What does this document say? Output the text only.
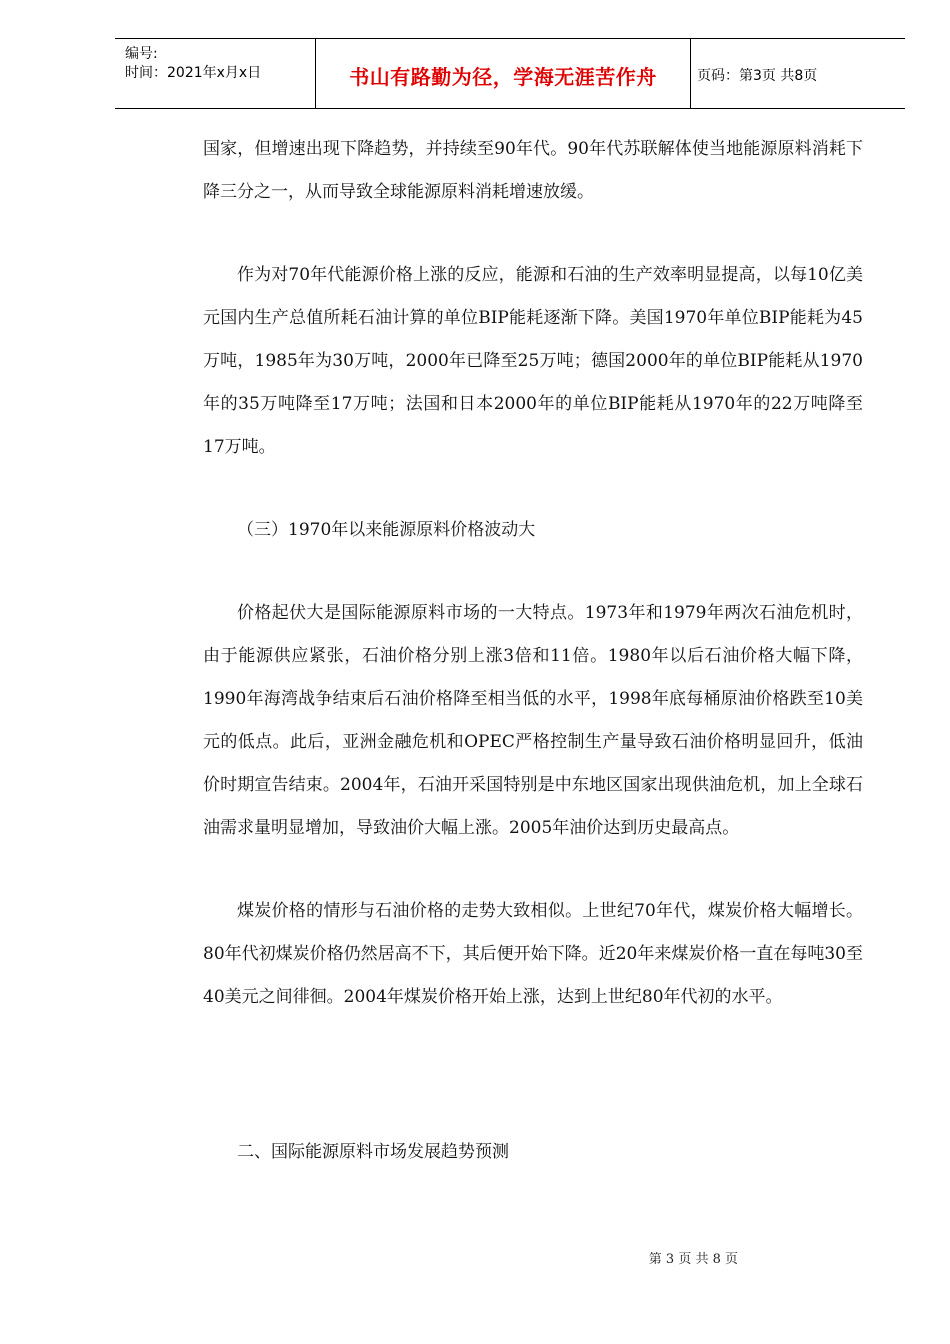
编号:
时间：2021年x月x日	书山有路勤为径，学海无涯苦作舟	页码：第3页 共8页

国家，但增速出现下降趋势，并持续至90年代。90年代苏联解体使当地能源原料消耗下降三分之一，从而导致全球能源原料消耗增速放缓。

作为对70年代能源价格上涨的反应，能源和石油的生产效率明显提高，以每10亿美元国内生产总值所耗石油计算的单位BIP能耗逐渐下降。美国1970年单位BIP能耗为45万吨，1985年为30万吨，2000年已降至25万吨；德国2000年的单位BIP能耗从1970年的35万吨降至17万吨；法国和日本2000年的单位BIP能耗从1970年的22万吨降至17万吨。

（三）1970年以来能源原料价格波动大

价格起伏大是国际能源原料市场的一大特点。1973年和1979年两次石油危机时，由于能源供应紧张，石油价格分别上涨3倍和11倍。1980年以后石油价格大幅下降，1990年海湾战争结束后石油价格降至相当低的水平，1998年底每桶原油价格跌至10美元的低点。此后，亚洲金融危机和OPEC严格控制生产量导致石油价格明显回升，低油价时期宣告结束。2004年，石油开采国特别是中东地区国家出现供油危机，加上全球石油需求量明显增加，导致油价大幅上涨。2005年油价达到历史最高点。

煤炭价格的情形与石油价格的走势大致相似。上世纪70年代，煤炭价格大幅增长。80年代初煤炭价格仍然居高不下，其后便开始下降。近20年来煤炭价格一直在每吨30至40美元之间徘徊。2004年煤炭价格开始上涨，达到上世纪80年代初的水平。

二、国际能源原料市场发展趋势预测

第 3 页 共 8 页
